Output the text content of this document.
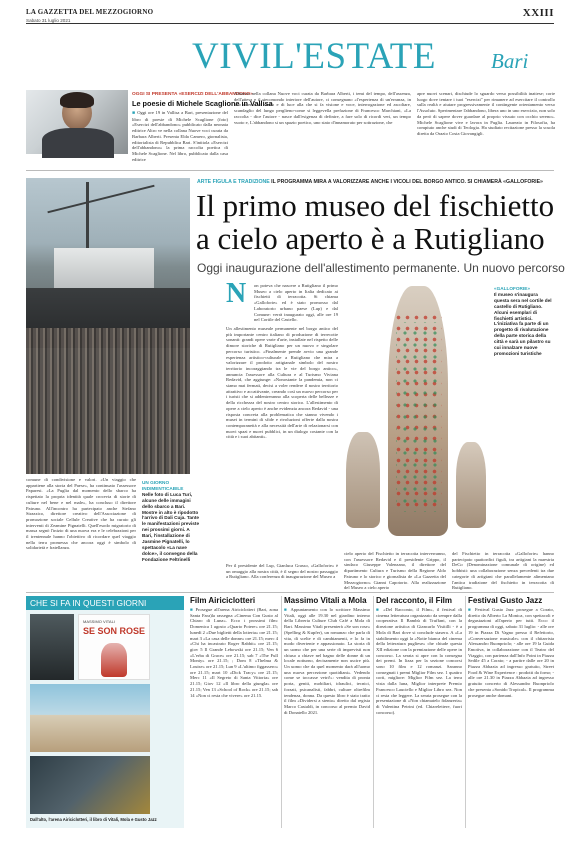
LA GAZZETTA DEL MEZZOGIORNO
Sabato 31 luglio 2021
XXIII
VIVIL'ESTATE	Bari
OGGI SI PRESENTA «ESERCIZI DELL'ABBANDONO»
Le poesie di Michele Scaglione in Vallisa
■ Oggi ore 19 in Vallisa a Bari, presentazione del libro di poesie di Michele Scaglione (foto) «Esercizi dell'abbandono» pubblicato dalla neonata editrice Altro ve nella collana Nuove voci curata da Barbara Alberti. Presenta Elda Camero, giornalista, editorialista di Repubblica Bari. S'intitola «Esercizi dell'abbandono» la prima raccolta poetica di Michele Scaglione. Nel libro, pubblicato dalla casa editrice
Albatros nella collana Nuove voci curata da Barbara Alberti, i temi del tempo, dell'assenza, dell'attesa e il riecomondo interiore dell'autore, ci consegnano «l'esperienza di un'erranza, in uno ricerca di senso e di luce alla che si fa visione e voce, interrogazione ed ascoltare, scandaglio del lungo perglieno-come si leggevella prefazione di Francesco Marchiani, «La raccolta - dice l'autore - nasce dall'esigenza di definire, a fare solo di ricordi veri, un tempo vuoto e, L'abbandono si un spazio poetico, uno stato d'innamorato per sottrazione, che
apre nuovi scenari, dischiude lo sguardo verso possibilità inattese; corte luogo dove tentare i tuoi "esercizi" per rimanere ad esercitare il controllo sulla realtà e aiutare progressivamente il contingente orientamento verso l'Assoluto. Sperimentare l'abbandono, libera uno in uno esercizio, non solo da però di sapere dover guardare al proprio vissuto con occhio sereno». Michele Scaglione vive e lavora in Puglia. Laureato in Filosofia, ha compiuto anche studi di Teologia. Ha studiato recitazione presso la scuola diretta da Orazio Costa Giovangigli.
ARTE FIGULA E TRADIZIONE IL PROGRAMMA MIRA A VALORIZZARE ANCHE I VICOLI DEL BORGO ANTICO. SI CHIAMERÀ «GALLOFORIE»
Il primo museo del fischietto
a cielo aperto è a Rutigliano
Oggi inaugurazione dell'allestimento permanente. Un nuovo percorso
N on poteva che nascere a Rutigliano il primo Museo a cielo aperto in Italia dedicato ai fischietti di terracotta. Si chiama «Galloforie» ed è stato promosso dal Laboratorio urbano paese (Lup) e dal Comune: verrà inaugurato oggi, alle ore 19 nel Cortile del Castello.
Un allestimento museale permanente nel borgo antico del più importante centro italiano di produzione di terrecotte sonanti: grandi opere varie d'arte, installate nel rispetto delle dimore storiche di Rutigliano per un nuovo e singolare percorso turistico. «Finalmente prende avvio una grande esperienza artistico-culturale a Rutigliano che mira a valorizzare il prodotto artigianale simbolo del nostro territorio incoraggiando tra le vie del borgo antico», annuncia l'assessore alla Cultura e al Turismo Viviana Redavid, che aggiunge: «Nonostante la pandemia, non ci siamo mai fermati, decisi a voler rendere il nostro territorio attrattivo e accattivante, creando così un nuovo percorso per i turisti che si addentreranno alla scoperta delle bellezze e della ricchezza del nostro centro storico. L'allestimento di opere a cielo aperto è anche evidenzia ancora Redavid - una risposta concreta alla problematica che stanno vivendo i musei in termini di sfide e rivoluzioni offerte dalla nostra contemporaneità e alla necessità dell'arte di relazionarsi con nuovi spazi e nuovi pubblici, in un dialogo costante con la città e i suoi abitanti».
Per il presidente del Lup, Gianluca Grasso, «Galloforie» è un omaggio alla nostra città, è il segno del nostro passaggio a Rutigliano. Alla conferenza di inaugurazione del Museo a
«GALLOFORIE»
Il museo s'inaugura questa sera nel cortile del castello di Rutigliano. Alcuni esemplari di fischietti artistici. L'iniziativa fa parte di un progetto di rivalutazione della parte storica della città e sarà un pilastro su cui innalzare nuove promozioni turistiche
cielo aperto del Fischietto in terracotta interverranno, con l'assessore Redavid e il presidente Grippo, il sindaco Giuseppe Valenzano, il direttore del dipartimento Cultura e Turismo della Regione Aldo Patruno e lo storico e giornalista de «La Gazzetta del Mezzogiorno» Gianni Capotorto. Alla realizzazione del Museo a cielo aperto
del Fischietto in terracotta «Galloforie» hanno partecipato quattordici figuli, tra artigiani la maestria DeCo (Denominazione comunale di origine) ed hobbisti: una collaborazione senza precedenti tra due categorie di artigiani che parallelamente alimentano l'antica tradizione del fischietto in terracotta di Rutigliano.
comune di condivisione e valori. «Un viaggio che appartiene alla storia del Paese», ha continuato l'assessore Paparesi. «La Puglia dal momento dello sbarco ha rispettato la propria identità quale crocevia di storie di culture nel bene e nel male», ha concluso il direttore Patruno. All'incontro ha partecipato anche Stefano Strazzico, direttore creativo dell'Associazione di promozione sociale Cellule Creative che ha curato gli interventi di Zeamine Pignatelli. Quell'esodo migratorio di massa segnò l'inizio di una nuova era e le celebrazioni per il trentennale hanno l'obiettivo di ricordare quel viaggio nella terra promessa che ancora oggi è simbolo di solidarietà e fratellanza.
UN GIORNO INDIMENTICABILE
Nelle foto di Luca Turi, alcune delle immagini dello sbarco a Bari. Mostre in alto è ripodotto l'arrivo di Dali Cuja. Tante le manifestazioni previste nei prossimi giorni. A Bari, l'installazione di Jasmine Pignatelli, lo spettacolo «La nave dolce», il convegno della Fondazione Feltrinelli
CHE SI FA IN QUESTI GIORNI
MASSIMO VITALI
SE SON ROSE
Dall'alto, l'arena Airiciclotteri, il libro di Vitali, Mola e Gusto Jazz
Film Airiciclotteri
■ Prosegue all'arena Airiciclotteri (Bari, zona Santa Fara)la rassegna «Cinema Con Gusto al Chiaro di Luna». Ecco i prossimi film: Domenica 1 agosto «Quarto Potere» ore 21.15; lunedì 2 «Due biglietti della lotteria» ore 21.15; mart 3 «La casa delle donne» ore 21.15; merc 4 «Chi ha incastrato Roger Rabbit» ore 21.15; giov 5 Il Grande Lebowski ore 21.15; Ven 6 «L'erba di Grace» ore 21.15; sab 7 «The Full Monty» ore 21.15; ; Dom 8 «Thelma & Louise» ore 21.15; Lun 9 «L'ultimo figgassero» ore 21.15; mart 10 «Dick Tracy» ore 21.15; Merc 11 «Il Segreto di Santa Vittoria» ore 21.15; Giov 12 «Il libro della giungla» ore 21.15; Ven 13 «School of Rock» ore 21.15; sab 14 «Non ci resta che vivere» ore 21.15.
Massimo Vitali a Mola
■ Appuntamento con lo scrittore Massimo Vitali, oggi alle 19.30 nel giardino interno della Libreria Culture Club Café a Mola di Bari. Massimo Vitali presenterà «Se son rose» (Spelling & Kupfer), un romanzo che parla di vita, di scelte e di cambiamenti, e lo fa in modo divertente e appassionato. La storia di un uomo che per una serie di imprevisti non chiuso a chiave nel bagno delle donne di un locale notturno, decisamente non uscire più. Un uomo che da quel momento darà all'uomo una nuova percezione quotidiani». Vedendo come se toccasse vetri!»: vendita di pronta porta, geniti, mobiliari, idraulici, tecnici, forzati, psicanalisti, fabbri, culture oltrefilm tendenza, donna. Da questo libro è stato tratto il film «Dividersi a stento» diretto dal regista Marco Castaldi, in concorso al premio David di Donatello 2021.
Del racconto, il Film
■ «Del Racconto, il Film», il festival di cinema letteratura organizzato da sempre dalla cooperativa Il Bambù di Truffant, con la direzione artistica di Giancarlo Visitilli - è a Mola di Bari dove si conclude stasera. A «La stabilimento oggi la «Notte bianca del cinema della letteratura pugliese» che chiude questa XII edizione con la premiazione delle opere in concorso. La serata si apre con la consegna dei premi. In lizza per la sezione concorsi sono 10 film e 12 romanzi. Saranno consegnati i premi Miglior Film sez. 1 quattro corti, migliore: Miglior Film sez. La terra vista dalla luna, Miglior interprete Premio Francesco Lauciello e Miglior Libro sez. Non ci resta che leggere. La serata prosegue con la presentazione di «Non chiamatelo fidanzeria» di Valentina Petrini (ed. Chiarelettere, fuori concorso).
Festival Gusto Jazz
■ Festival Gusto Jazz prosegue a Corato, diretto da Alberto La Monica, con spettacoli e degustazioni all'aperto per tutti. Ecco il programma di oggi, sabato 31 luglio: - alle ore 19 in Piazza Di Vagno presso il Refettorio, «Conversazione musicale» con il chitarrista Alessandro Buonpriolo; - alle ore 19 la Guida Emotiva, in collaborazione con il Teatro del Viaggio, con partenza dall'Info Point in Piazza Sedile 45 a Corato; - a partire dalle ore 20 in Piazza Abbazia ad ingresso gratuito, Street Food & Wine Experience : prodotti da forno; - alle ore 21.30 in Piazza Abbazia ad ingresso gratuito concerto di Alessandro Buonpriolo che presenta «Sonido Tropical». Il programma prosegue anche domani.
